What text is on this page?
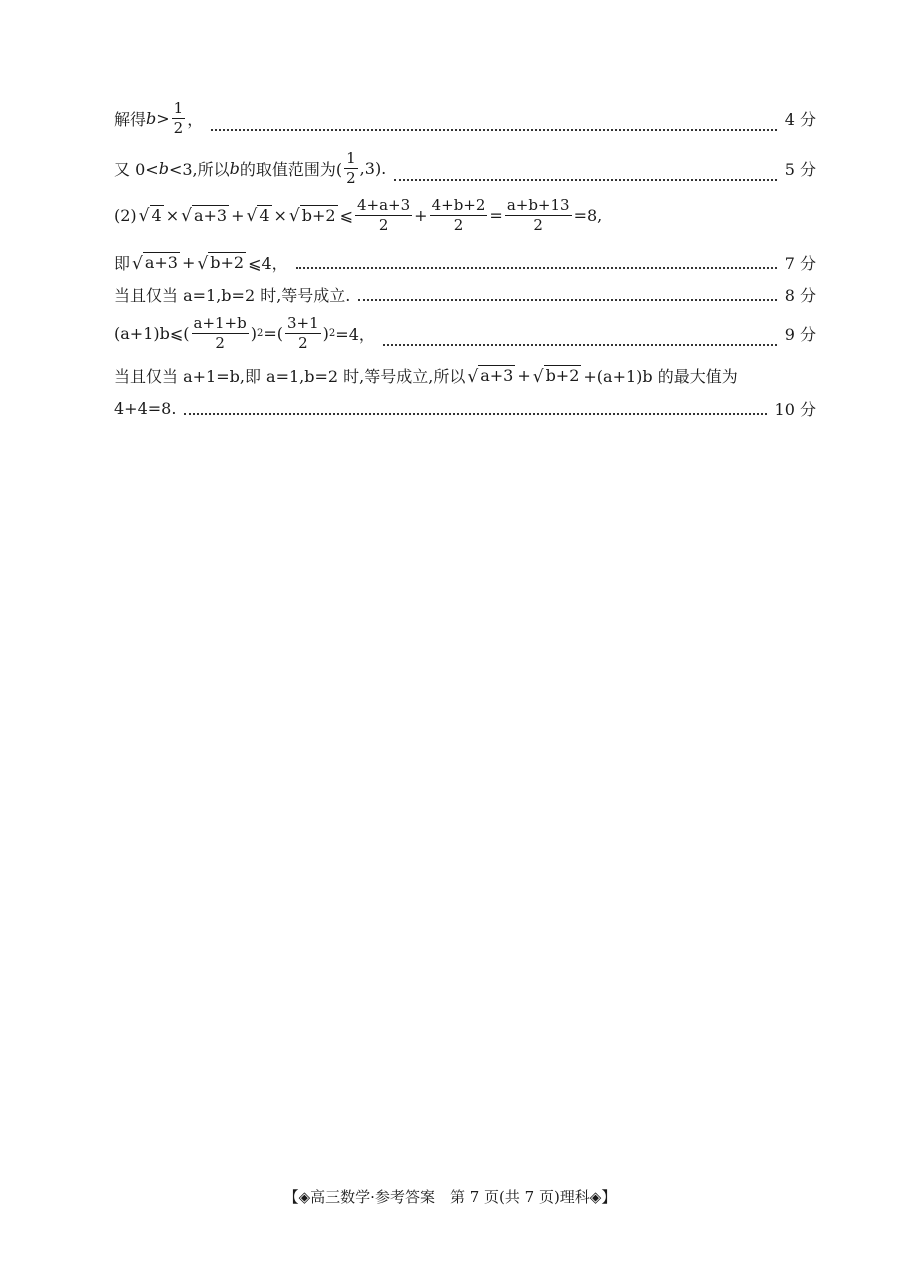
解得 $b > \frac{1}{2}$ ，	4 分
又 0< b <3,所以 b 的取值范围为( $\frac{1}{2} ,3$).	5 分
(2) √ 4 × √ a+3 + √ 4 × √ b+2 ⩽ $\frac{4+a+3}{2} + \frac{4+b+2}{2} = \frac{a+b+13}{2} =8$,
即 √ a+3 + √ b+2 ⩽4，	7 分
当且仅当 a=1,b=2 时,等号成立.	8 分
(a+1)b⩽( $\frac{a+1+b}{2}$ ) 2 =( $\frac{3+1}{2}$ ) 2 =4，	9 分
当且仅当 a+1=b,即 a=1,b=2 时,等号成立,所以 √ a+3 + √ b+2 +(a+1)b 的最大值为
4+4=8.	10 分
【◈高三数学·参考答案　第 7 页(共 7 页)理科◈】
